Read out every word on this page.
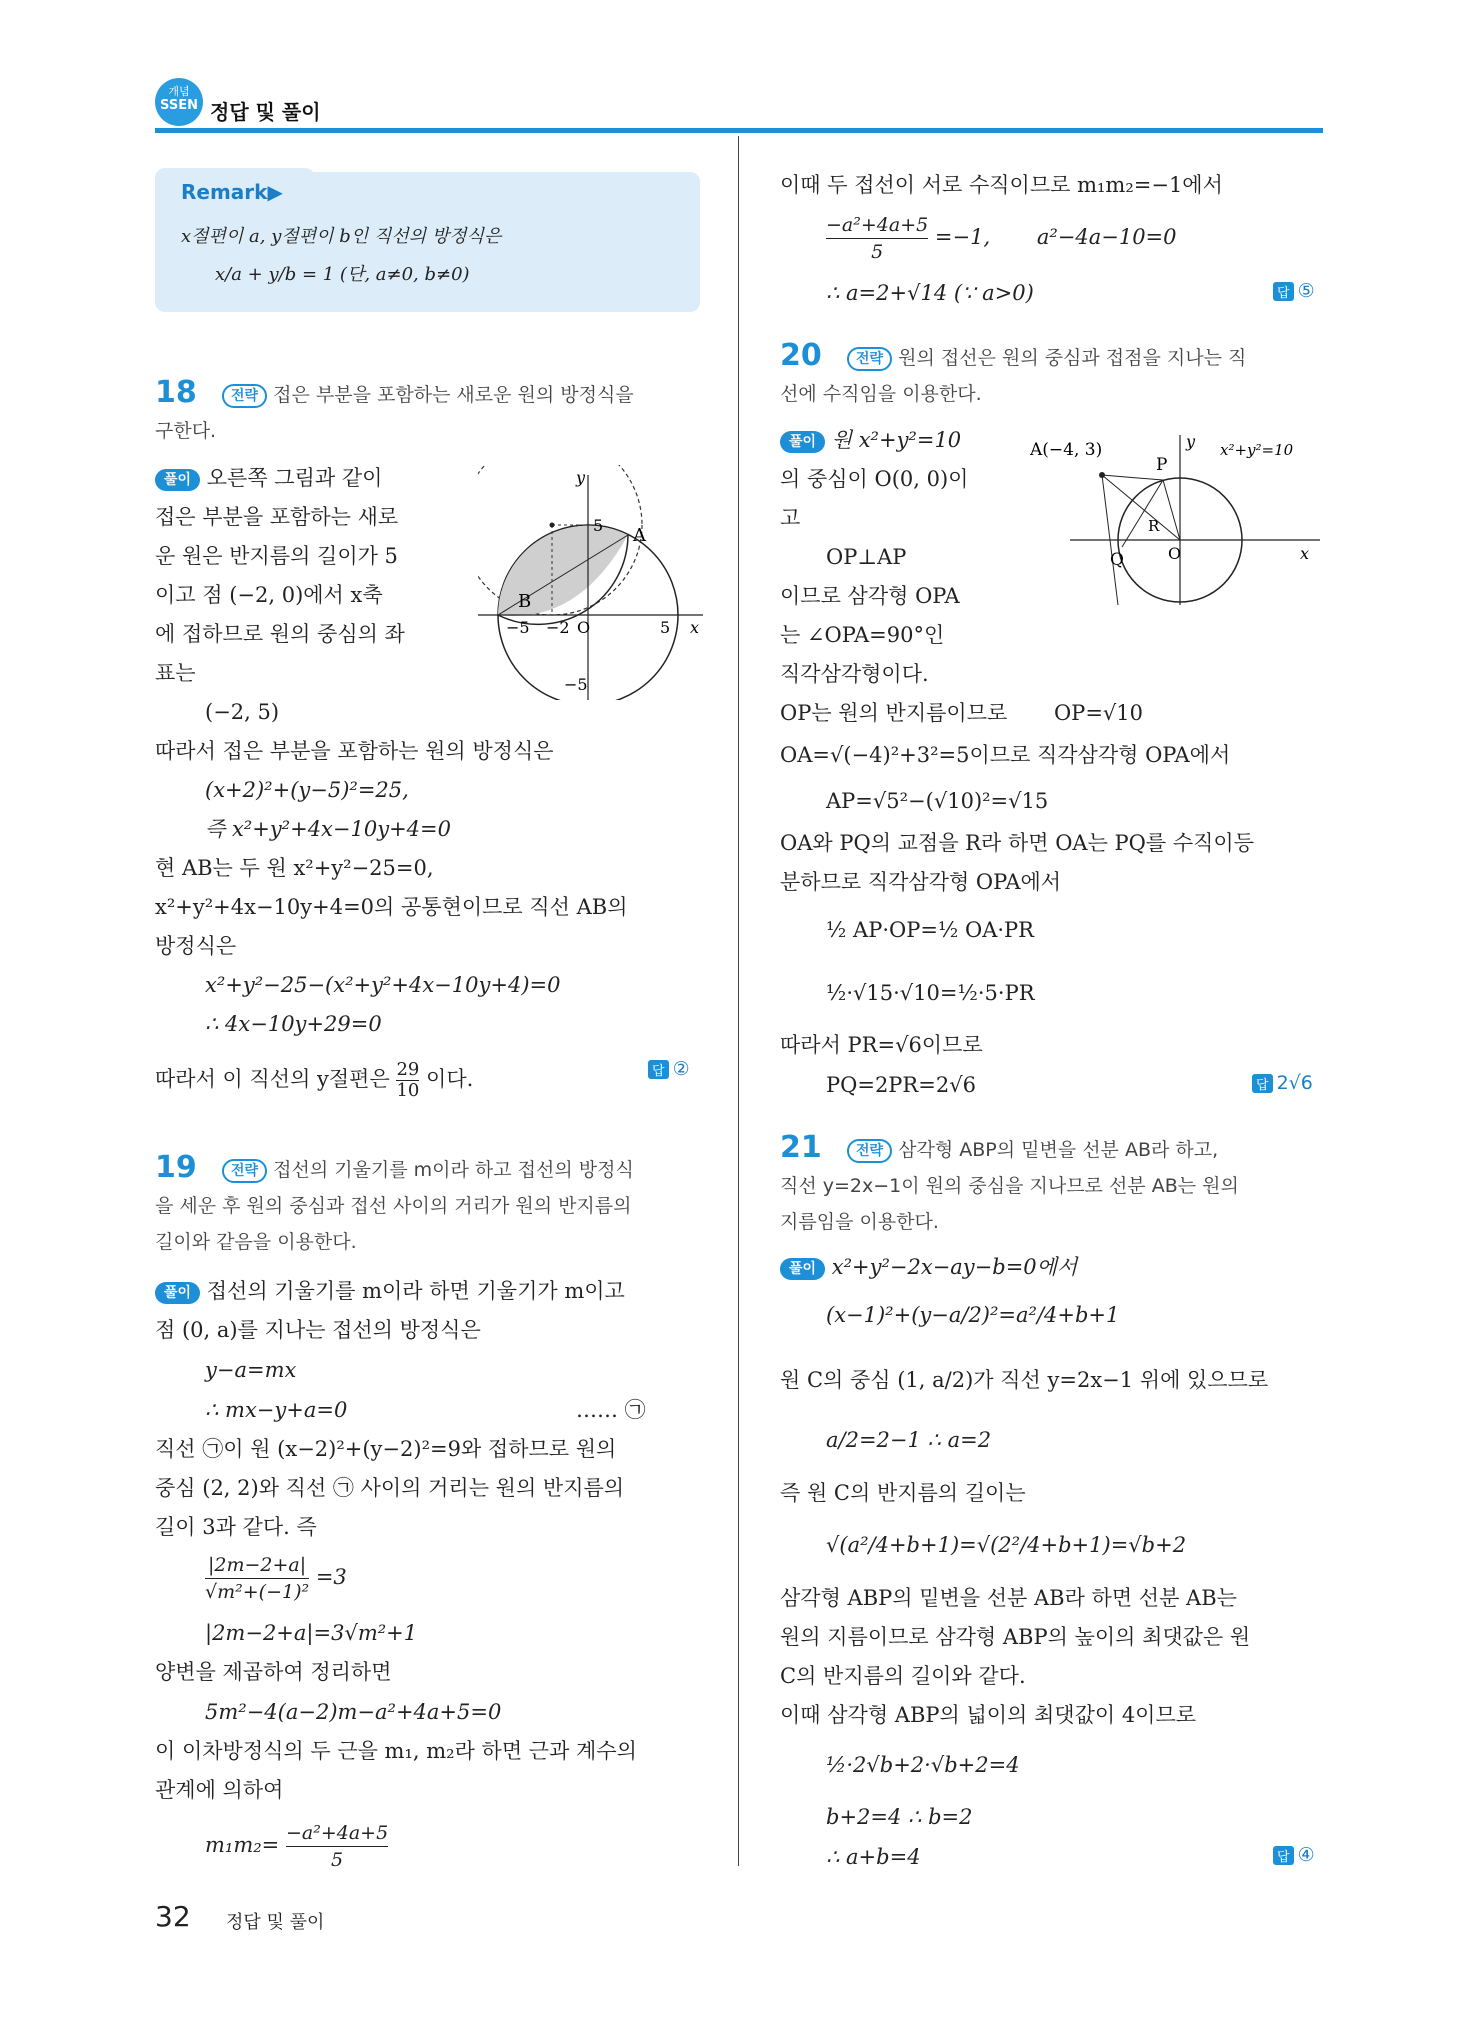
개념
SSEN 정답 및 풀이
Remark▶
x절편이 a, y절편이 b인 직선의 방정식은
x/a + y/b = 1 (단, a≠0, b≠0)
18	전략 접은 부분을 포함하는 새로운 원의 방정식을
구한다.
풀이 오른쪽 그림과 같이
접은 부분을 포함하는 새로
운 원은 반지름의 길이가 5
이고 점 (−2, 0)에서 x축
에 접하므로 원의 중심의 좌
표는
(−2, 5)
따라서 접은 부분을 포함하는 원의 방정식은
(x+2)²+(y−5)²=25,
즉 x²+y²+4x−10y+4=0
현 AB는 두 원 x²+y²−25=0,
x²+y²+4x−10y+4=0의 공통현이므로 직선 AB의
방정식은
x²+y²−25−(x²+y²+4x−10y+4)=0
∴ 4x−10y+29=0
따라서 이 직선의 y절편은 $\frac{29}{10}$ 이다.	답 ②
y
x
5 A
B
−5 −2 O	5
−5
19	전략 접선의 기울기를 m이라 하고 접선의 방정식
을 세운 후 원의 중심과 접선 사이의 거리가 원의 반지름의
길이와 같음을 이용한다.
풀이 접선의 기울기를 m이라 하면 기울기가 m이고
점 (0, a)를 지나는 접선의 방정식은
y−a=mx
∴ mx−y+a=0	…… ㉠
직선 ㉠이 원 (x−2)²+(y−2)²=9와 접하므로 원의
중심 (2, 2)와 직선 ㉠ 사이의 거리는 원의 반지름의
길이 3과 같다. 즉
$\frac{|2m-2+a|}{\text{√m²+(−1)²}} =3$
|2m−2+a|=3√m²+1
양변을 제곱하여 정리하면
5m²−4(a−2)m−a²+4a+5=0
이 이차방정식의 두 근을 m₁, m₂라 하면 근과 계수의
관계에 의하여
$m_1m_2= \frac{\text{−a²+4a+5}}{5}$
이때 두 접선이 서로 수직이므로 m₁m₂=−1에서
$\frac{\text{−a²+4a+5}}{5} =-1$, a²−4a−10=0
∴ a=2+√14 (∵ a>0)	답 ⑤
20	전략 원의 접선은 원의 중심과 접점을 지나는 직
선에 수직임을 이용한다.
풀이 원 x²+y²=10
의 중심이 O(0, 0)이
고
OP⊥AP
이므로 삼각형 OPA
는 ∠OPA=90°인
직각삼각형이다.
OP는 원의 반지름이므로 OP=√10
OA=√(−4)²+3²=5이므로 직각삼각형 OPA에서
AP=√5²−(√10)²=√15
OA와 PQ의 교점을 R라 하면 OA는 PQ를 수직이등
분하므로 직각삼각형 OPA에서
½ AP·OP=½ OA·PR
½·√15·√10=½·5·PR
따라서 PR=√6이므로
PQ=2PR=2√6	답 2√6
A(−4, 3)
P
x²+y²=10
R
Q	O	x
y
21	전략 삼각형 ABP의 밑변을 선분 AB라 하고,
직선 y=2x−1이 원의 중심을 지나므로 선분 AB는 원의
지름임을 이용한다.
풀이 x²+y²−2x−ay−b=0에서
(x−1)²+(y−a/2)²=a²/4+b+1
원 C의 중심 (1, a/2)가 직선 y=2x−1 위에 있으므로
a/2=2−1 ∴ a=2
즉 원 C의 반지름의 길이는
√(a²/4+b+1)=√(2²/4+b+1)=√b+2
삼각형 ABP의 밑변을 선분 AB라 하면 선분 AB는
원의 지름이므로 삼각형 ABP의 높이의 최댓값은 원
C의 반지름의 길이와 같다.
이때 삼각형 ABP의 넓이의 최댓값이 4이므로
½·2√b+2·√b+2=4
b+2=4 ∴ b=2
∴ a+b=4	답 ④
32 정답 및 풀이
